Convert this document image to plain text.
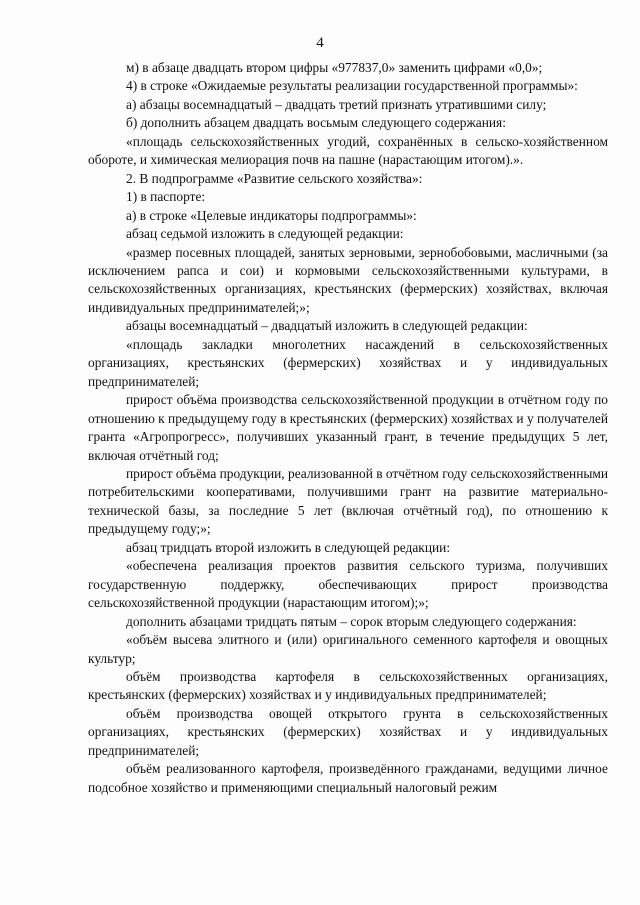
4

м) в абзаце двадцать втором цифры «977837,0» заменить цифрами «0,0»;

4) в строке «Ожидаемые результаты реализации государственной программы»:

а) абзацы восемнадцатый – двадцать третий признать утратившими силу;

б) дополнить абзацем двадцать восьмым следующего содержания:

«площадь сельскохозяйственных угодий, сохранённых в сельско-хозяйственном обороте, и химическая мелиорация почв на пашне (нарастающим итогом).».

2. В подпрограмме «Развитие сельского хозяйства»:

1) в паспорте:

а) в строке «Целевые индикаторы подпрограммы»:

абзац седьмой изложить в следующей редакции:

«размер посевных площадей, занятых зерновыми, зернобобовыми, масличными (за исключением рапса и сои) и кормовыми сельскохозяйственными культурами, в сельскохозяйственных организациях, крестьянских (фермерских) хозяйствах, включая индивидуальных предпринимателей;»;

абзацы восемнадцатый – двадцатый изложить в следующей редакции:

«площадь закладки многолетних насаждений в сельскохозяйственных организациях, крестьянских (фермерских) хозяйствах и у индивидуальных предпринимателей;

прирост объёма производства сельскохозяйственной продукции в отчётном году по отношению к предыдущему году в крестьянских (фермерских) хозяйствах и у получателей гранта «Агропрогресс», получивших указанный грант, в течение предыдущих 5 лет, включая отчётный год;

прирост объёма продукции, реализованной в отчётном году сельскохозяйственными потребительскими кооперативами, получившими грант на развитие материально-технической базы, за последние 5 лет (включая отчётный год), по отношению к предыдущему году;»;

абзац тридцать второй изложить в следующей редакции:

«обеспечена реализация проектов развития сельского туризма, получивших государственную поддержку, обеспечивающих прирост производства сельскохозяйственной продукции (нарастающим итогом);»;

дополнить абзацами тридцать пятым – сорок вторым следующего содержания:

«объём высева элитного и (или) оригинального семенного картофеля и овощных культур;

объём производства картофеля в сельскохозяйственных организациях, крестьянских (фермерских) хозяйствах и у индивидуальных предпринимателей;

объём производства овощей открытого грунта в сельскохозяйственных организациях, крестьянских (фермерских) хозяйствах и у индивидуальных предпринимателей;

объём реализованного картофеля, произведённого гражданами, ведущими личное подсобное хозяйство и применяющими специальный налоговый режим
